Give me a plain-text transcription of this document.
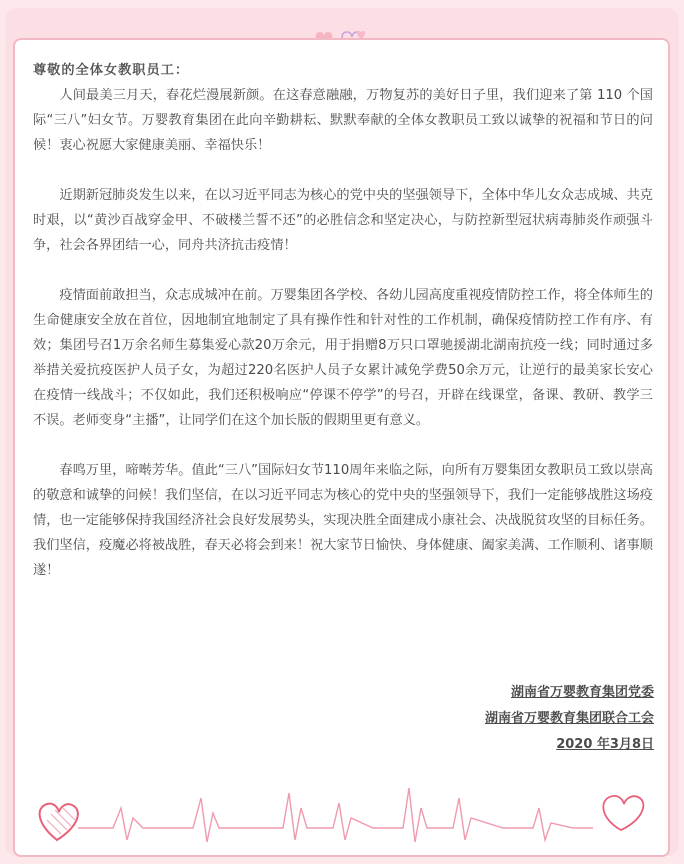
尊敬的全体女教职员工：

人间最美三月天，春花烂漫展新颜。在这春意融融，万物复苏的美好日子里，我们迎来了第 110 个国际“三八”妇女节。万婴教育集团在此向辛勤耕耘、默默奉献的全体女教职员工致以诚挚的祝福和节日的问候！衷心祝愿大家健康美丽、幸福快乐！

近期新冠肺炎发生以来，在以习近平同志为核心的党中央的坚强领导下，全体中华儿女众志成城、共克时艰，以“黄沙百战穿金甲、不破楼兰誓不还”的必胜信念和坚定决心，与防控新型冠状病毒肺炎作顽强斗争，社会各界团结一心，同舟共济抗击疫情！

疫情面前敢担当，众志成城冲在前。万婴集团各学校、各幼儿园高度重视疫情防控工作，将全体师生的生命健康安全放在首位，因地制宜地制定了具有操作性和针对性的工作机制，确保疫情防控工作有序、有效；集团号召1万余名师生募集爱心款20万余元，用于捐赠8万只口罩驰援湖北湖南抗疫一线；同时通过多举措关爱抗疫医护人员子女，为超过220名医护人员子女累计减免学费50余万元，让逆行的最美家长安心在疫情一线战斗；不仅如此，我们还积极响应“停课不停学”的号召，开辟在线课堂，备课、教研、教学三不误。老师变身“主播”，让同学们在这个加长版的假期里更有意义。

春鸣万里，啼啭芳华。值此“三八”国际妇女节110周年来临之际，向所有万婴集团女教职员工致以崇高的敬意和诚挚的问候！我们坚信，在以习近平同志为核心的党中央的坚强领导下，我们一定能够战胜这场疫情，也一定能够保持我国经济社会良好发展势头，实现决胜全面建成小康社会、决战脱贫攻坚的目标任务。我们坚信，疫魔必将被战胜，春天必将会到来！祝大家节日愉快、身体健康、阖家美满、工作顺利、诸事顺遂！

湖南省万婴教育集团党委
湖南省万婴教育集团联合工会
2020 年3月8日
